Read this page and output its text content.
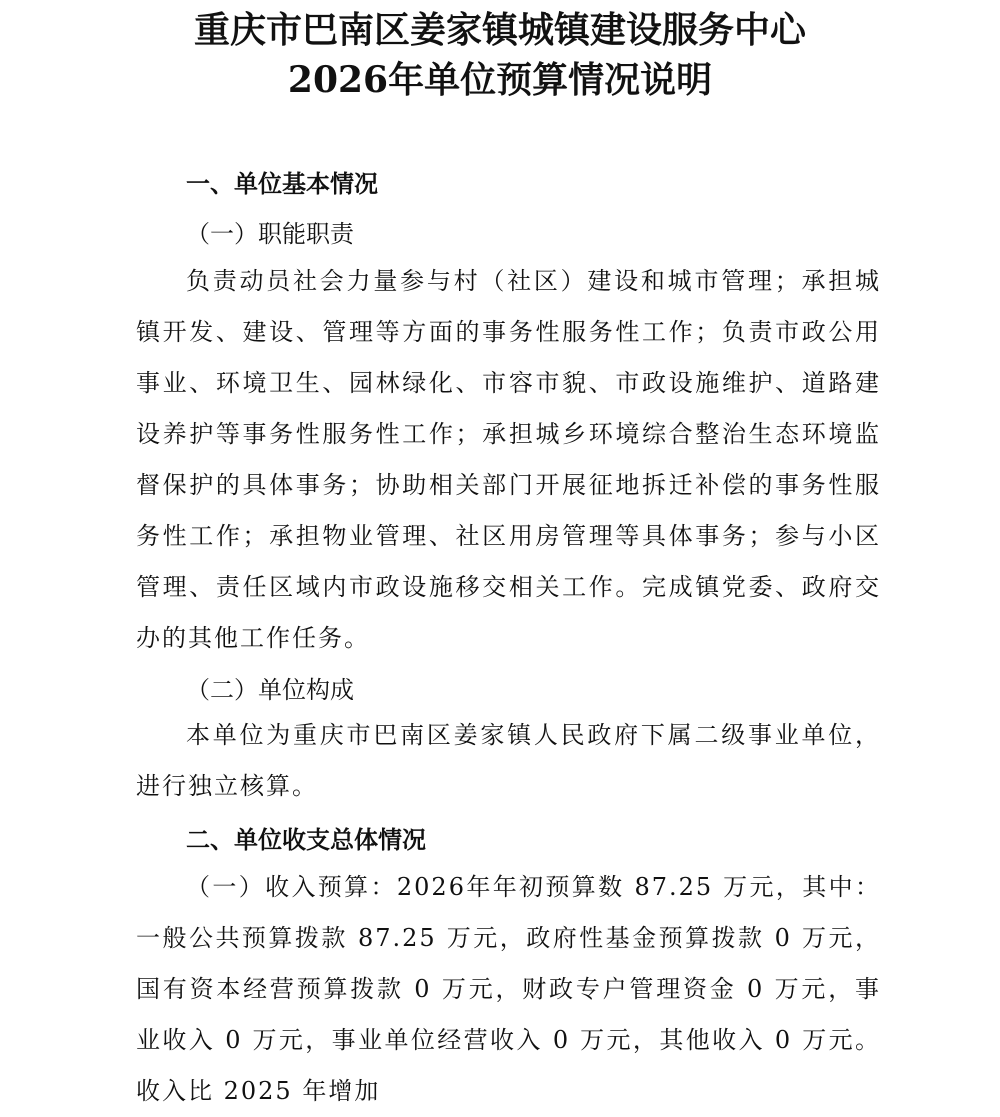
重庆市巴南区姜家镇城镇建设服务中心
2026年单位预算情况说明
一、单位基本情况
（一）职能职责
负责动员社会力量参与村（社区）建设和城市管理；承担城镇开发、建设、管理等方面的事务性服务性工作；负责市政公用事业、环境卫生、园林绿化、市容市貌、市政设施维护、道路建设养护等事务性服务性工作；承担城乡环境综合整治生态环境监督保护的具体事务；协助相关部门开展征地拆迁补偿的事务性服务性工作；承担物业管理、社区用房管理等具体事务；参与小区管理、责任区域内市政设施移交相关工作。完成镇党委、政府交办的其他工作任务。
（二）单位构成
本单位为重庆市巴南区姜家镇人民政府下属二级事业单位，进行独立核算。
二、单位收支总体情况
（一）收入预算：2026年年初预算数 87.25 万元，其中：一般公共预算拨款 87.25 万元，政府性基金预算拨款 0 万元，国有资本经营预算拨款 0 万元，财政专户管理资金 0 万元，事业收入 0 万元，事业单位经营收入 0 万元，其他收入 0 万元。收入比 2025 年增加
